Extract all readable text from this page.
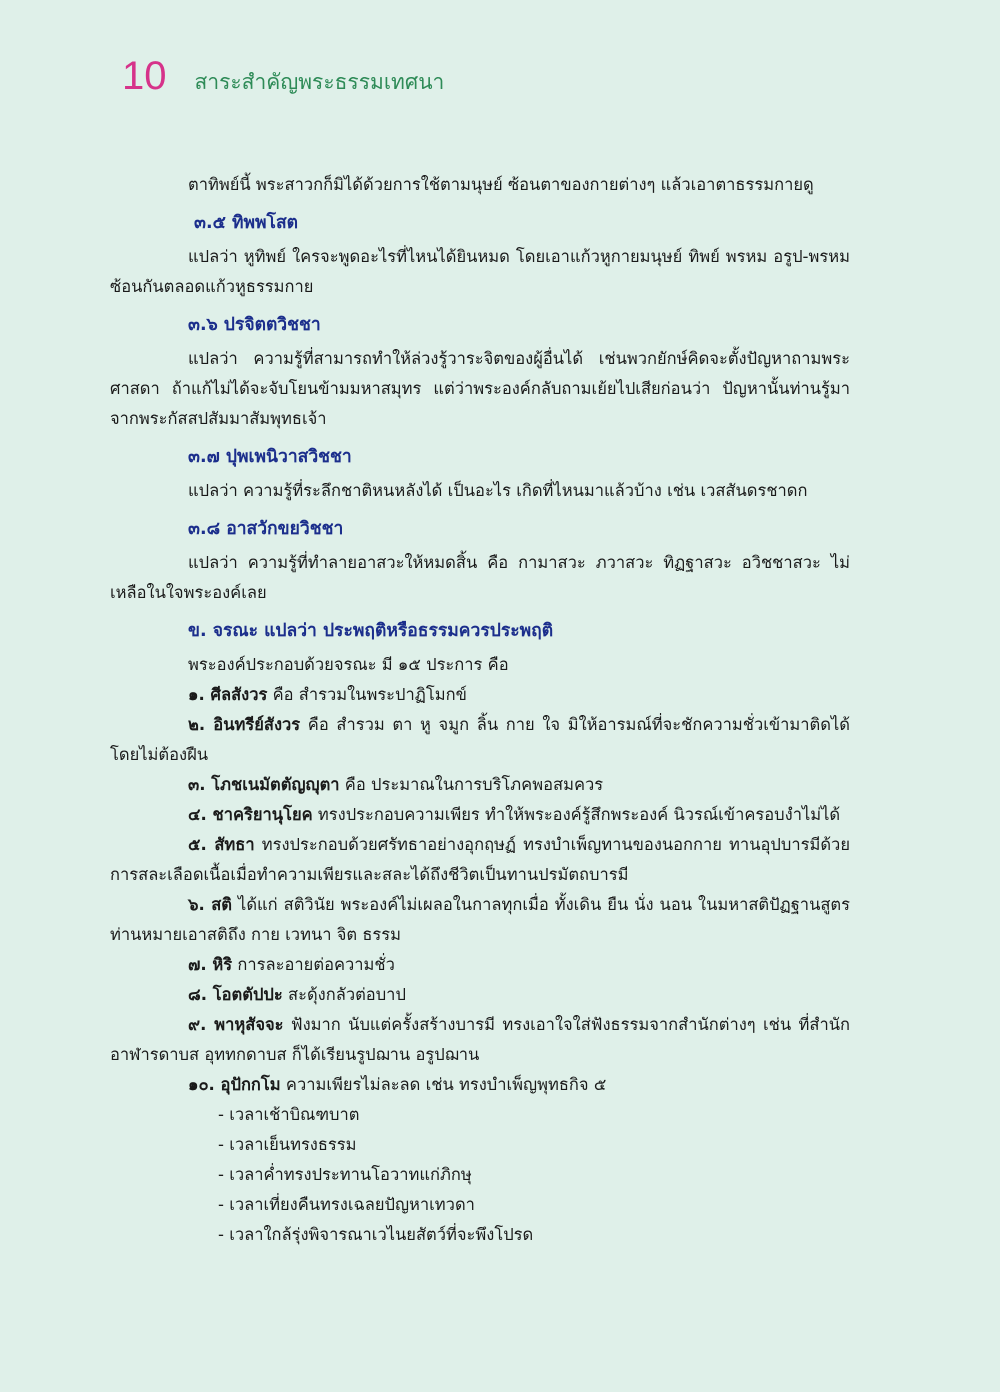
10 สาระสำคัญพระธรรมเทศนา

ตาทิพย์นี้ พระสาวกก็มิได้ด้วยการใช้ตามนุษย์ ซ้อนตาของกายต่างๆ แล้วเอาตาธรรมกายดู

๓.๕ ทิพพโสต

แปลว่า หูทิพย์ ใครจะพูดอะไรที่ไหนได้ยินหมด โดยเอาแก้วหูกายมนุษย์ ทิพย์ พรหม อรูป-พรหม ซ้อนกันตลอดแก้วหูธรรมกาย

๓.๖ ปรจิตตวิชชา

แปลว่า ความรู้ที่สามารถทำให้ล่วงรู้วาระจิตของผู้อื่นได้ เช่นพวกยักษ์คิดจะตั้งปัญหาถามพระศาสดา ถ้าแก้ไม่ได้จะจับโยนข้ามมหาสมุทร แต่ว่าพระองค์กลับถามเย้ยไปเสียก่อนว่า ปัญหานั้นท่านรู้มาจากพระกัสสปสัมมาสัมพุทธเจ้า

๓.๗ ปุพเพนิวาสวิชชา

แปลว่า ความรู้ที่ระลึกชาติหนหลังได้ เป็นอะไร เกิดที่ไหนมาแล้วบ้าง เช่น เวสสันดรชาดก

๓.๘ อาสวักขยวิชชา

แปลว่า ความรู้ที่ทำลายอาสวะให้หมดสิ้น คือ กามาสวะ ภวาสวะ ทิฏฐาสวะ อวิชชาสวะ ไม่เหลือในใจพระองค์เลย

ข. จรณะ แปลว่า ประพฤติหรือธรรมควรประพฤติ

พระองค์ประกอบด้วยจรณะ มี ๑๕ ประการ คือ

๑. ศีลสังวร คือ สำรวมในพระปาฏิโมกข์

๒. อินทรีย์สังวร คือ สำรวม ตา หู จมูก ลิ้น กาย ใจ มิให้อารมณ์ที่จะชักความชั่วเข้ามาติดได้โดยไม่ต้องฝืน

๓. โภชเนมัตตัญญุตา คือ ประมาณในการบริโภคพอสมควร

๔. ชาคริยานุโยค ทรงประกอบความเพียร ทำให้พระองค์รู้สึกพระองค์ นิวรณ์เข้าครอบงำไม่ได้

๕. สัทธา ทรงประกอบด้วยศรัทธาอย่างอุกฤษฏ์ ทรงบำเพ็ญทานของนอกกาย ทานอุปบารมีด้วยการสละเลือดเนื้อเมื่อทำความเพียรและสละได้ถึงชีวิตเป็นทานปรมัตถบารมี

๖. สติ ได้แก่ สติวินัย พระองค์ไม่เผลอในกาลทุกเมื่อ ทั้งเดิน ยืน นั่ง นอน ในมหาสติปัฏฐานสูตร ท่านหมายเอาสติถึง กาย เวทนา จิต ธรรม

๗. หิริ การละอายต่อความชั่ว

๘. โอตตัปปะ สะดุ้งกลัวต่อบาป

๙. พาหุสัจจะ ฟังมาก นับแต่ครั้งสร้างบารมี ทรงเอาใจใส่ฟังธรรมจากสำนักต่างๆ เช่น ที่สำนักอาฬารดาบส อุททกดาบส ก็ได้เรียนรูปฌาน อรูปฌาน

๑๐. อุปักกโม ความเพียรไม่ละลด เช่น ทรงบำเพ็ญพุทธกิจ ๕

- เวลาเช้าบิณฑบาต

- เวลาเย็นทรงธรรม

- เวลาค่ำทรงประทานโอวาทแก่ภิกษุ

- เวลาเที่ยงคืนทรงเฉลยปัญหาเทวดา

- เวลาใกล้รุ่งพิจารณาเวไนยสัตว์ที่จะพึงโปรด
